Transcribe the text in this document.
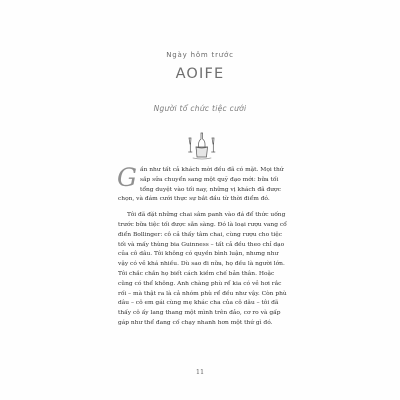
Ngày hôm trước
AOIFE
Người tổ chức tiệc cưới

Gần như tất cả khách mời đều đã có mặt. Mọi thứ sắp sửa chuyển sang một quỹ đạo mới: bữa tối tổng duyệt vào tối nay, những vị khách đã được chọn, và đám cưới thực sự bắt đầu từ thời điểm đó.

Tôi đã đặt những chai sâm panh vào đá để thức uống trước bữa tiệc tối được sẵn sàng. Đó là loại rượu vang cổ điển Bollinger: cô cả thấy tâm chai, cùng rượu cho tiệc tối và mấy thùng bia Guinness – tất cả đều theo chỉ dạo của cô dâu. Tôi không có quyền bình luận, nhưng như vậy có vẻ khá nhiều. Dù sao đi nữa, họ đều là người lớn. Tôi chắc chắn họ biết cách kiềm chế bản thân. Hoặc cũng có thể không. Anh chàng phù rể kia có vẻ hơi rắc rối – mà thật ra là cả nhóm phù rể đều như vậy. Còn phù dâu – cô em gái cùng mẹ khác cha của cô dâu – tôi đã thấy cô ấy lang thang một mình trên đảo, cơ ro và gấp gáp như thể đang cố chạy nhanh hơn một thứ gì đó.

11
